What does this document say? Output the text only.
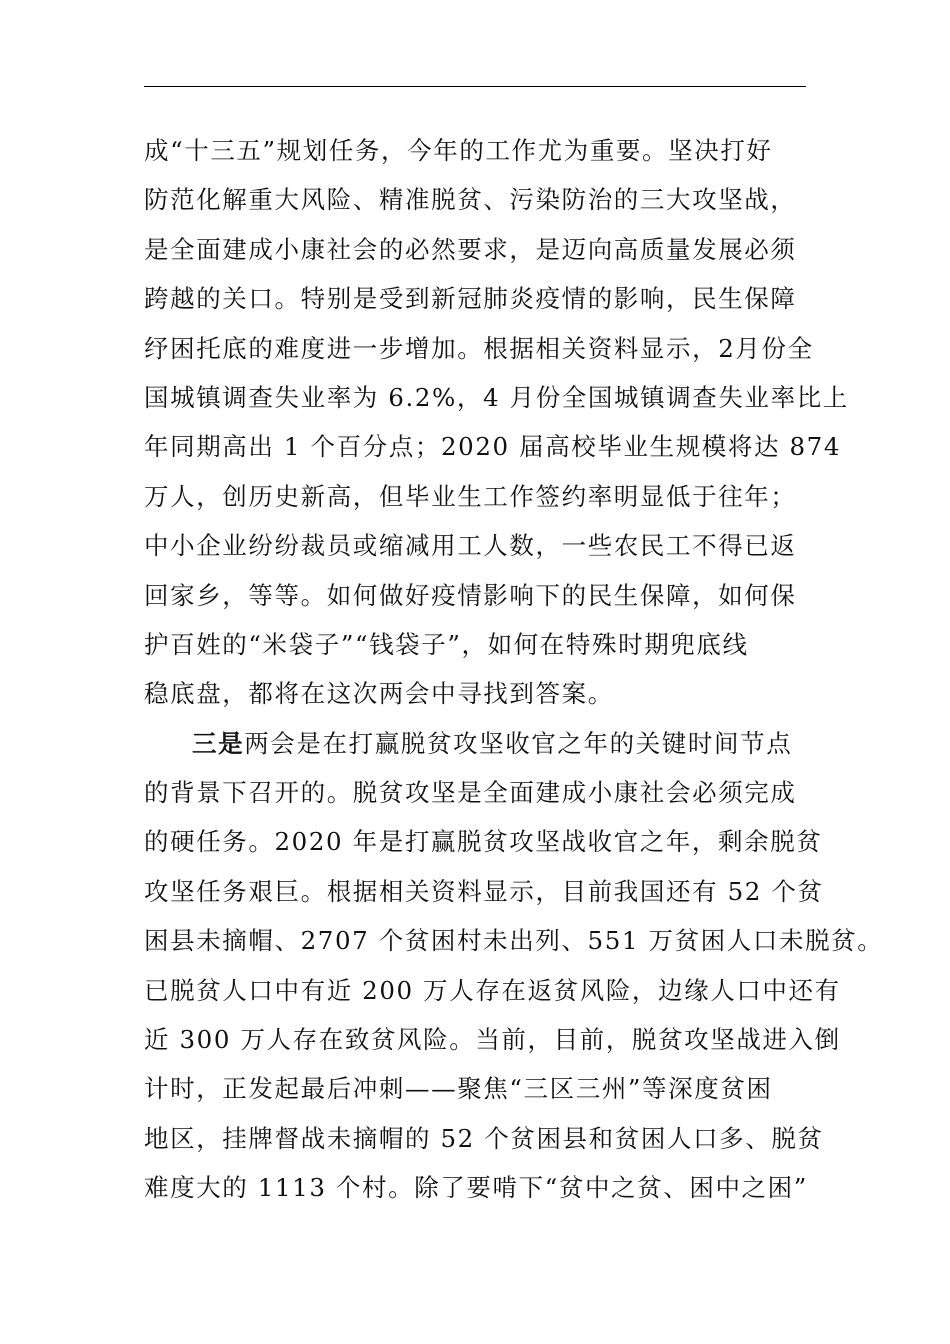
成“十三五”规划任务，今年的工作尤为重要。坚决打好
防范化解重大风险、精准脱贫、污染防治的三大攻坚战，
是全面建成小康社会的必然要求，是迈向高质量发展必须
跨越的关口。特别是受到新冠肺炎疫情的影响，民生保障
纾困托底的难度进一步增加。根据相关资料显示，2月份全
国城镇调查失业率为 6.2%，4 月份全国城镇调查失业率比上
年同期高出 1 个百分点；2020 届高校毕业生规模将达 874
万人，创历史新高，但毕业生工作签约率明显低于往年；
中小企业纷纷裁员或缩减用工人数，一些农民工不得已返
回家乡，等等。如何做好疫情影响下的民生保障，如何保
护百姓的“米袋子”“钱袋子”，如何在特殊时期兜底线
稳底盘，都将在这次两会中寻找到答案。
三是两会是在打赢脱贫攻坚收官之年的关键时间节点
的背景下召开的。脱贫攻坚是全面建成小康社会必须完成
的硬任务。2020 年是打赢脱贫攻坚战收官之年，剩余脱贫
攻坚任务艰巨。根据相关资料显示，目前我国还有 52 个贫
困县未摘帽、2707 个贫困村未出列、551 万贫困人口未脱贫。
已脱贫人口中有近 200 万人存在返贫风险，边缘人口中还有
近 300 万人存在致贫风险。当前，目前，脱贫攻坚战进入倒
计时，正发起最后冲刺——聚焦“三区三州”等深度贫困
地区，挂牌督战未摘帽的 52 个贫困县和贫困人口多、脱贫
难度大的 1113 个村。除了要啃下“贫中之贫、困中之困”
